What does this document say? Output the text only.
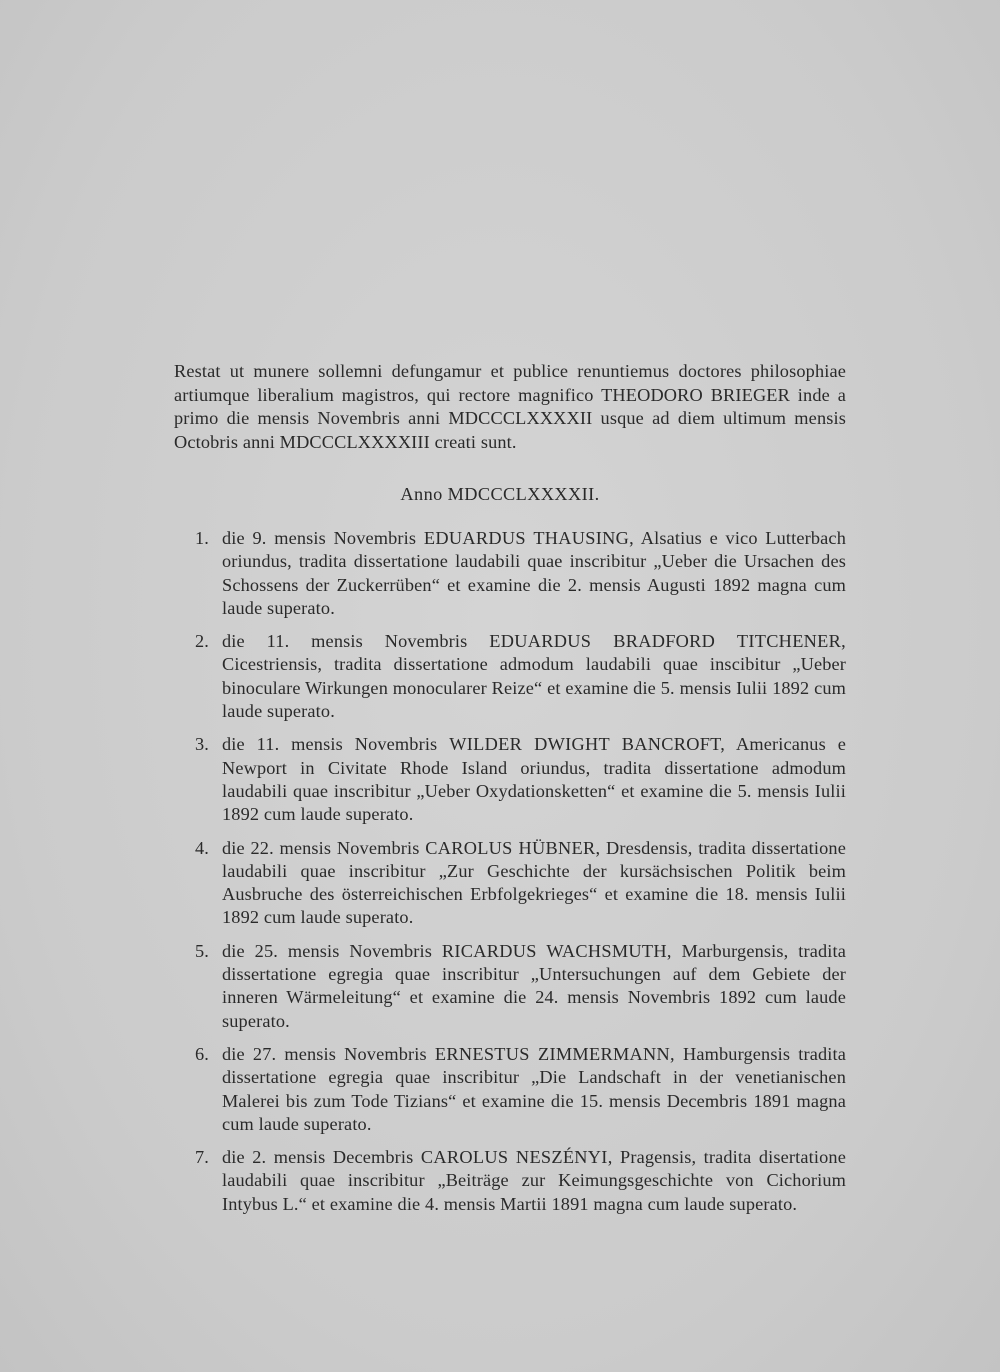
Restat ut munere sollemni defungamur et publice renuntiemus doctores philosophiae artiumque liberalium magistros, qui rectore magnifico THEODORO BRIEGER inde a primo die mensis Novembris anni MDCCCLXXXXII usque ad diem ultimum mensis Octobris anni MDCCCLXXXXIII creati sunt.

Anno MDCCCLXXXXII.
1. die 9. mensis Novembris EDUARDUS THAUSING, Alsatius e vico Lutterbach oriundus, tradita dissertatione laudabili quae inscribitur „Ueber die Ursachen des Schossens der Zuckerrüben“ et examine die 2. mensis Augusti 1892 magna cum laude superato.
2. die 11. mensis Novembris EDUARDUS BRADFORD TITCHENER, Cicestriensis, tradita dissertatione admodum laudabili quae inscibitur „Ueber binoculare Wirkungen monocularer Reize“ et examine die 5. mensis Iulii 1892 cum laude superato.
3. die 11. mensis Novembris WILDER DWIGHT BANCROFT, Americanus e Newport in Civitate Rhode Island oriundus, tradita dissertatione admodum laudabili quae inscribitur „Ueber Oxydationsketten“ et examine die 5. mensis Iulii 1892 cum laude superato.
4. die 22. mensis Novembris CAROLUS HÜBNER, Dresdensis, tradita dissertatione laudabili quae inscribitur „Zur Geschichte der kursächsischen Politik beim Ausbruche des österreichischen Erbfolgekrieges“ et examine die 18. mensis Iulii 1892 cum laude superato.
5. die 25. mensis Novembris RICARDUS WACHSMUTH, Marburgensis, tradita dissertatione egregia quae inscribitur „Untersuchungen auf dem Gebiete der inneren Wärmeleitung“ et examine die 24. mensis Novembris 1892 cum laude superato.
6. die 27. mensis Novembris ERNESTUS ZIMMERMANN, Hamburgensis tradita dissertatione egregia quae inscribitur „Die Landschaft in der venetianischen Malerei bis zum Tode Tizians“ et examine die 15. mensis Decembris 1891 magna cum laude superato.
7. die 2. mensis Decembris CAROLUS NESZÉNYI, Pragensis, tradita disertatione laudabili quae inscribitur „Beiträge zur Keimungsgeschichte von Cichorium Intybus L.“ et examine die 4. mensis Martii 1891 magna cum laude superato.
